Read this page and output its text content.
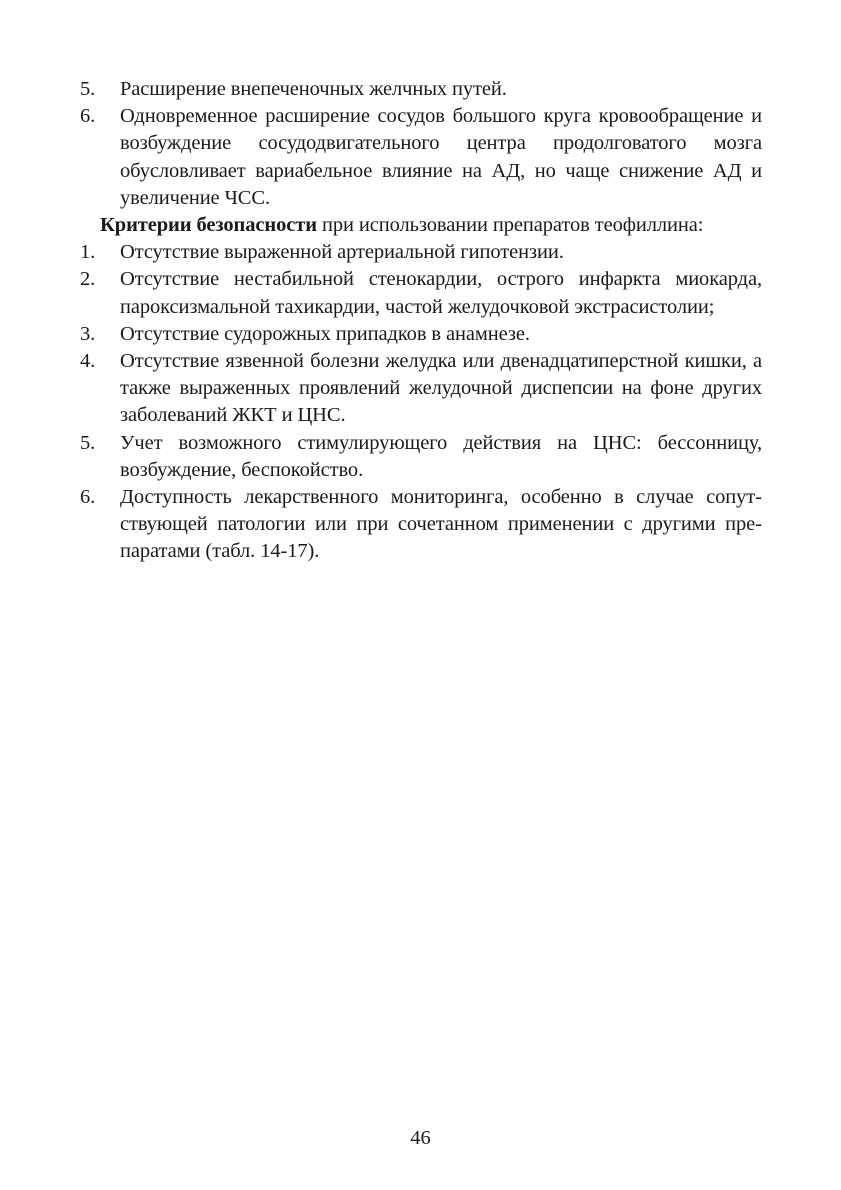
5.	Расширение внепеченочных желчных путей.
6.	Одновременное расширение сосудов большого круга кровообращение и возбуждение сосудодвигательного центра продолговатого мозга обусловливает вариабельное влияние на АД, но чаще снижение АД и увеличение ЧСС.

Критерии безопасности при использовании препаратов теофиллина:

1.	Отсутствие выраженной артериальной гипотензии.
2.	Отсутствие нестабильной стенокардии, острого инфаркта миокарда, пароксизмальной тахикардии, частой желудочковой экстрасистолии;
3.	Отсутствие судорожных припадков в анамнезе.
4.	Отсутствие язвенной болезни желудка или двенадцатиперстной кишки, а также выраженных проявлений желудочной диспепсии на фоне других заболеваний ЖКТ и ЦНС.
5.	Учет возможного стимулирующего действия на ЦНС: бессонницу, возбуждение, беспокойство.
6.	Доступность лекарственного мониторинга, особенно в случае сопутствующей патологии или при сочетанном применении с другими препаратами (табл. 14-17).
46
